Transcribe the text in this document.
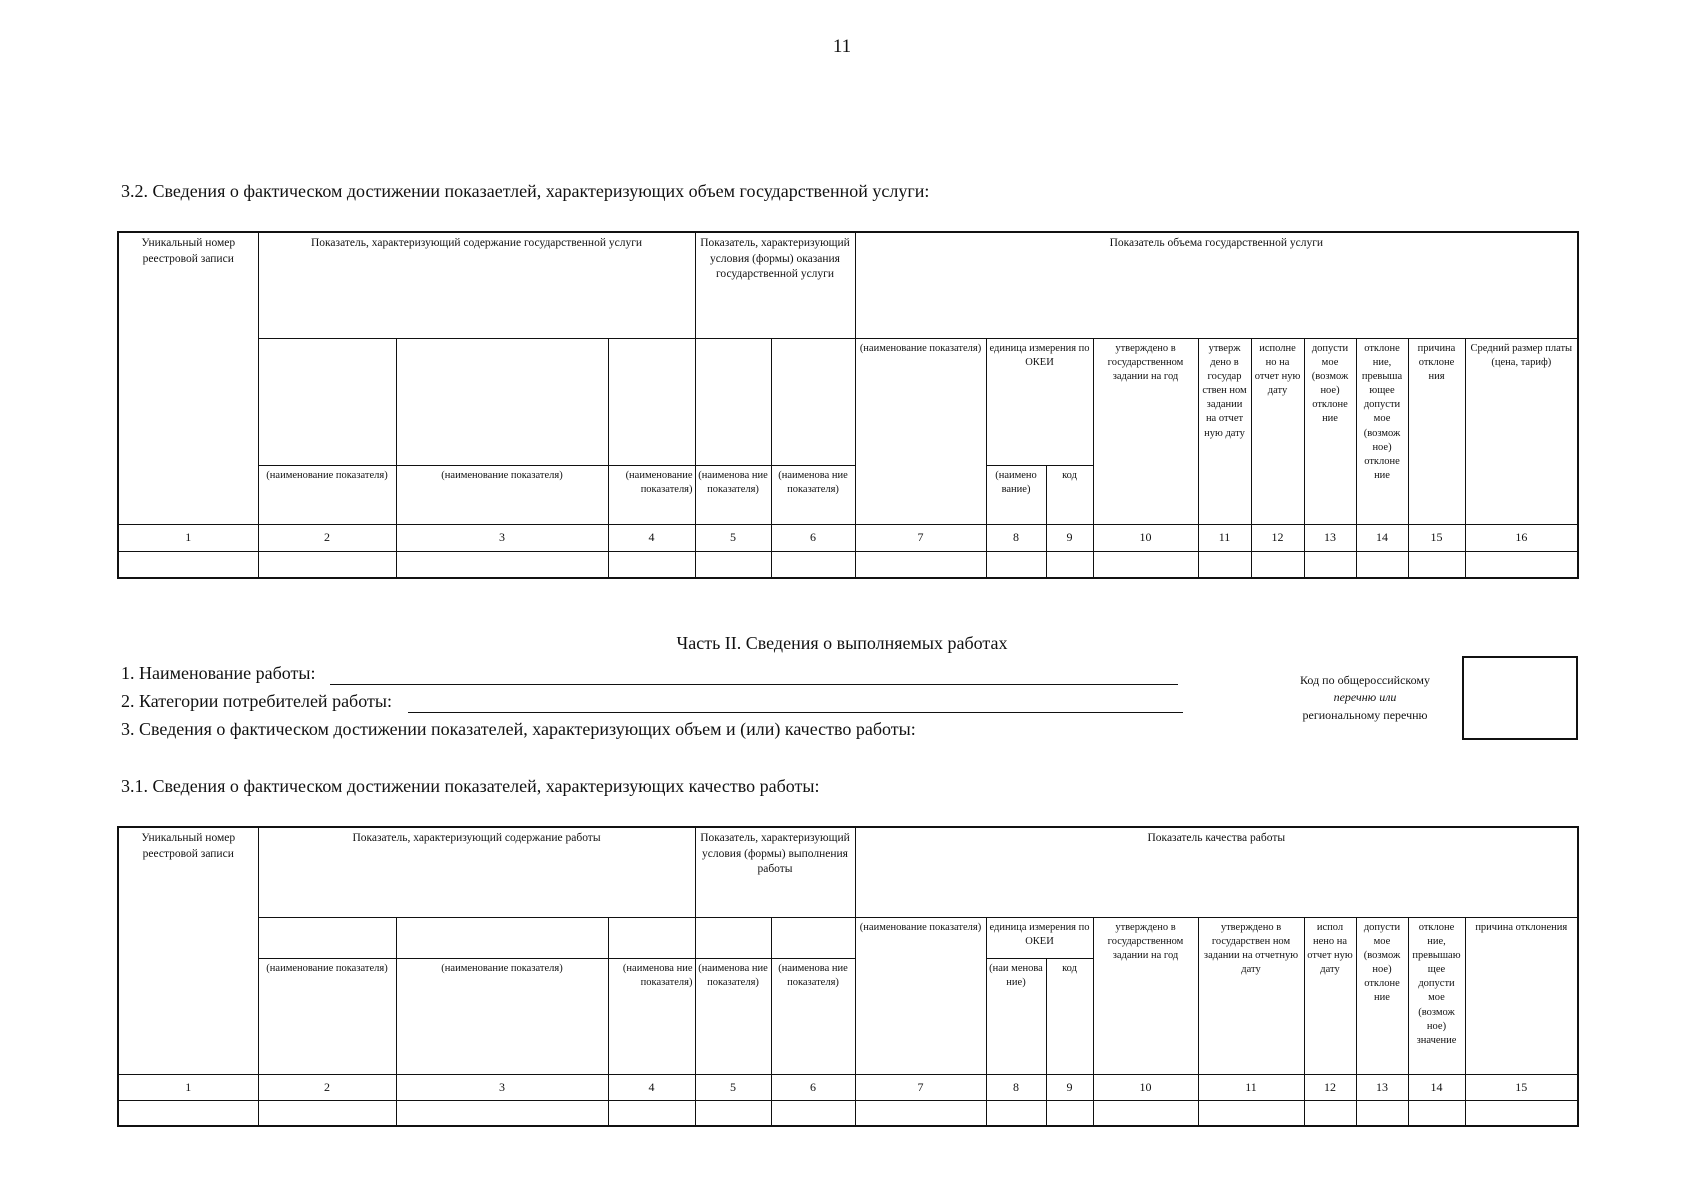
11
3.2. Сведения о фактическом достижении показаетлей, характеризующих объем государственной услуги:
Уникальный номер реестровой записи	Показатель, характеризующий содержание государственной услуги			Показатель, характеризующий условия (формы) оказания государственной услуги		Показатель объема государственной услуги									
						(наименование показателя)	единица измерения по ОКЕИ		утверждено в государственном задании на год	утверж дено в государ ствен ном задании на отчет ную дату	исполне но на отчет ную дату	допусти мое (возмож ное) отклоне ние	отклоне ние, превыша ющее допусти мое (возмож ное) отклоне ние	причина отклоне ния	Средний размер платы (цена, тариф)
	(наименование показателя)	(наименование показателя)	(наименование показателя)	(наименова ние показателя)	(наименова ние показателя)		(наимено вание)	код							
1	2	3	4	5	6	7	8	9	10	11	12	13	14	15	16

Часть II. Сведения о выполняемых работах
1. Наименование работы:
2. Категории потребителей работы:
3. Сведения о фактическом достижении показателей, характеризующих объем и (или) качество работы:
Код по общероссийскому
перечню или
региональному перечню
3.1. Сведения о фактическом достижении показателей, характеризующих качество работы:
Уникальный номер реестровой записи	Показатель, характеризующий содержание работы			Показатель, характеризующий условия (формы) выполнения работы		Показатель качества работы								
						(наименование показателя)	единица измерения по ОКЕИ		утверждено в государственном задании на год	утверждено в государствен ном задании на отчетную дату	испол нено на отчет ную дату	допусти мое (возмож ное) отклоне ние	отклоне ние, превышаю щее допусти мое (возмож ное) значение	причина отклонения
	(наименование показателя)	(наименование показателя)	(наименова ние показателя)	(наименова ние показателя)	(наименова ние показателя)		(наи менова ние)	код						
1	2	3	4	5	6	7	8	9	10	11	12	13	14	15
